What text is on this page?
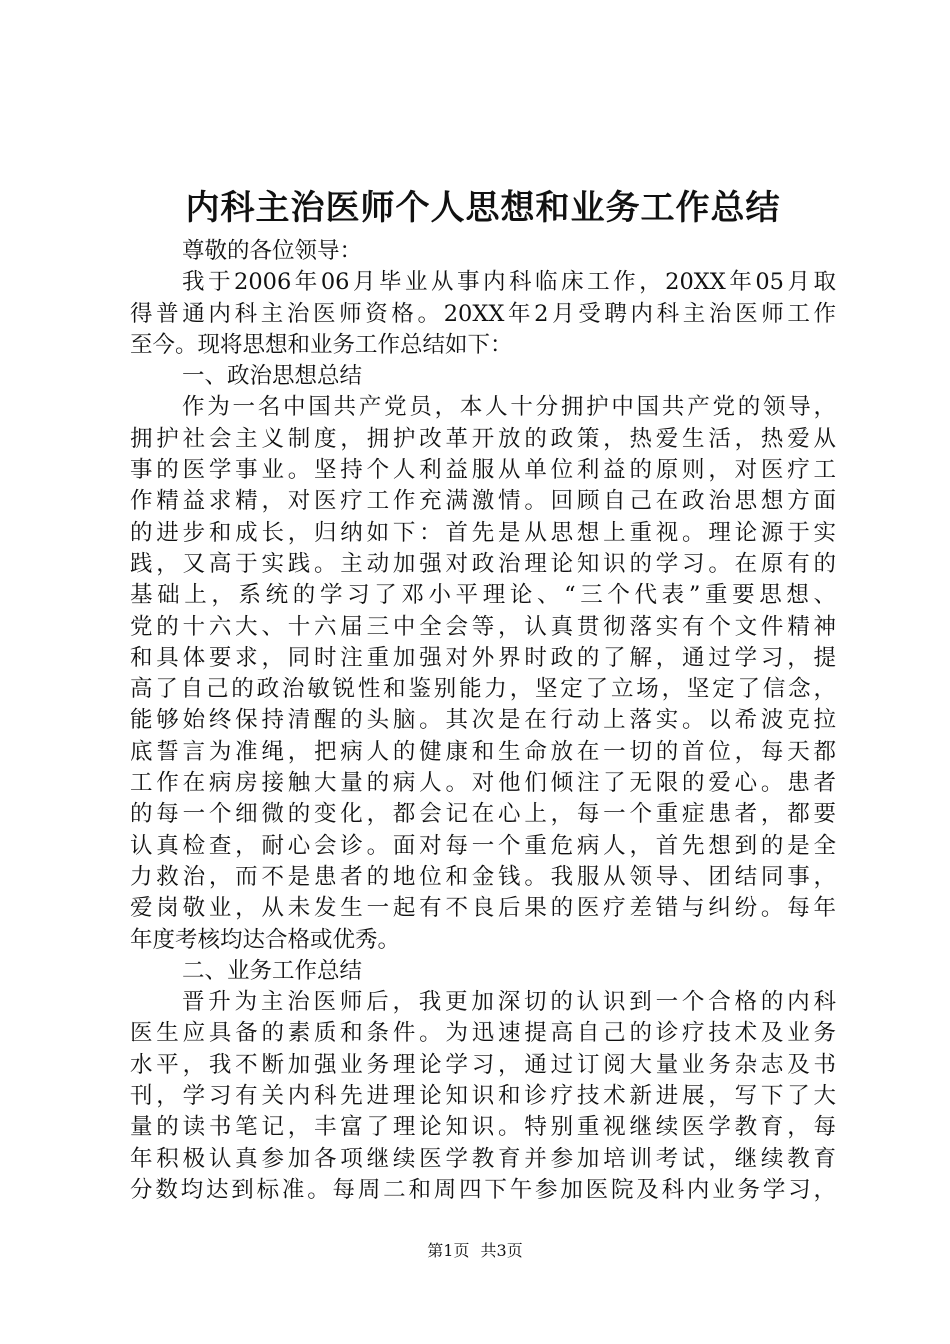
内科主治医师个人思想和业务工作总结
尊敬的各位领导：
我于2006年06月毕业从事内科临床工作，20XX年05月取
得普通内科主治医师资格。20XX年2月受聘内科主治医师工作
至今。现将思想和业务工作总结如下：
一、政治思想总结
作为一名中国共产党员，本人十分拥护中国共产党的领导，
拥护社会主义制度，拥护改革开放的政策，热爱生活，热爱从
事的医学事业。坚持个人利益服从单位利益的原则，对医疗工
作精益求精，对医疗工作充满激情。回顾自己在政治思想方面
的进步和成长，归纳如下：首先是从思想上重视。理论源于实
践，又高于实践。主动加强对政治理论知识的学习。在原有的
基础上，系统的学习了邓小平理论、“三个代表”重要思想、
党的十六大、十六届三中全会等，认真贯彻落实有个文件精神
和具体要求，同时注重加强对外界时政的了解，通过学习，提
高了自己的政治敏锐性和鉴别能力，坚定了立场，坚定了信念，
能够始终保持清醒的头脑。其次是在行动上落实。以希波克拉
底誓言为准绳，把病人的健康和生命放在一切的首位，每天都
工作在病房接触大量的病人。对他们倾注了无限的爱心。患者
的每一个细微的变化，都会记在心上，每一个重症患者，都要
认真检查，耐心会诊。面对每一个重危病人，首先想到的是全
力救治，而不是患者的地位和金钱。我服从领导、团结同事，
爱岗敬业，从未发生一起有不良后果的医疗差错与纠纷。每年
年度考核均达合格或优秀。
二、业务工作总结
晋升为主治医师后，我更加深切的认识到一个合格的内科
医生应具备的素质和条件。为迅速提高自己的诊疗技术及业务
水平，我不断加强业务理论学习，通过订阅大量业务杂志及书
刊，学习有关内科先进理论知识和诊疗技术新进展，写下了大
量的读书笔记，丰富了理论知识。特别重视继续医学教育，每
年积极认真参加各项继续医学教育并参加培训考试，继续教育
分数均达到标准。每周二和周四下午参加医院及科内业务学习，
第1页 共3页
